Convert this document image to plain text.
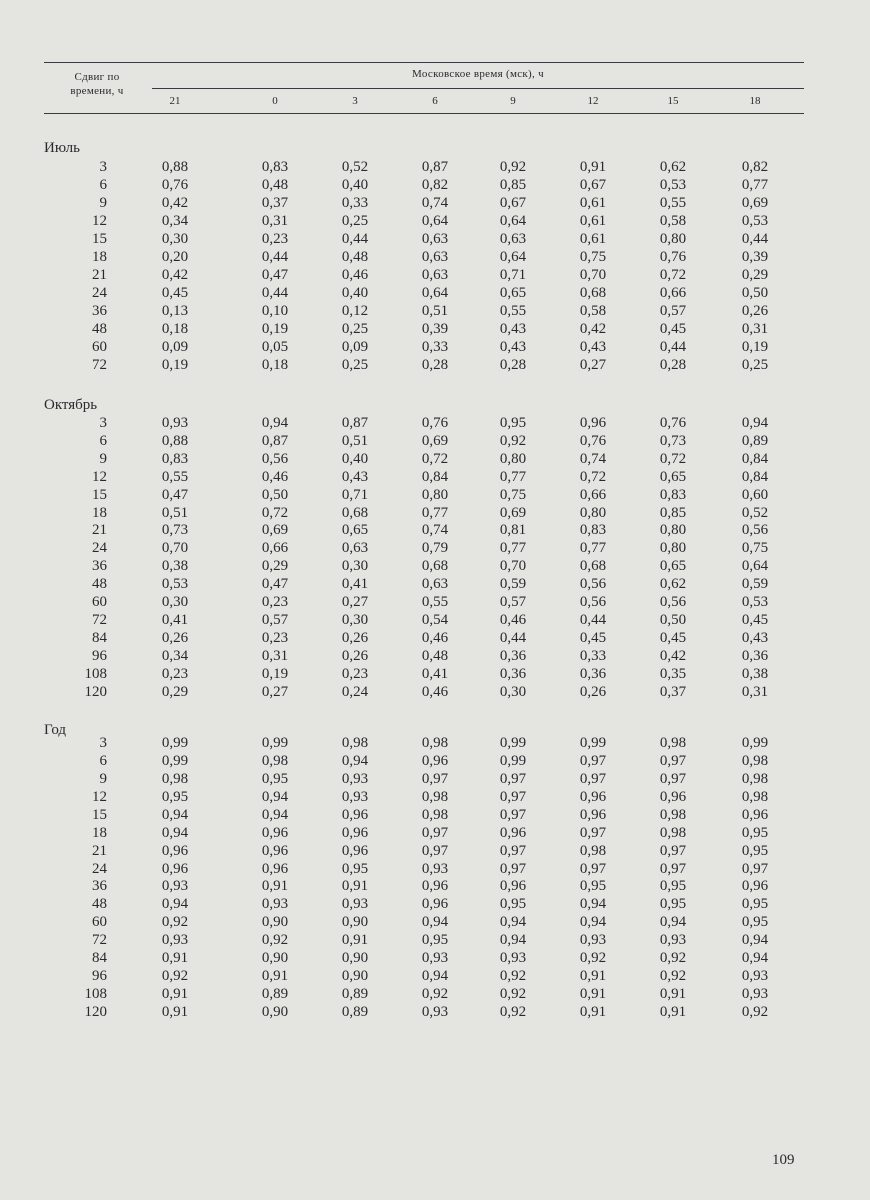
Сдвиг по
времени, ч
Московское время (мск), ч
21	0	3	6	9	12	15	18
Июль
3	0,88	0,83	0,52	0,87	0,92	0,91	0,62	0,82
6	0,76	0,48	0,40	0,82	0,85	0,67	0,53	0,77
9	0,42	0,37	0,33	0,74	0,67	0,61	0,55	0,69
12	0,34	0,31	0,25	0,64	0,64	0,61	0,58	0,53
15	0,30	0,23	0,44	0,63	0,63	0,61	0,80	0,44
18	0,20	0,44	0,48	0,63	0,64	0,75	0,76	0,39
21	0,42	0,47	0,46	0,63	0,71	0,70	0,72	0,29
24	0,45	0,44	0,40	0,64	0,65	0,68	0,66	0,50
36	0,13	0,10	0,12	0,51	0,55	0,58	0,57	0,26
48	0,18	0,19	0,25	0,39	0,43	0,42	0,45	0,31
60	0,09	0,05	0,09	0,33	0,43	0,43	0,44	0,19
72	0,19	0,18	0,25	0,28	0,28	0,27	0,28	0,25
Октябрь
3	0,93	0,94	0,87	0,76	0,95	0,96	0,76	0,94
6	0,88	0,87	0,51	0,69	0,92	0,76	0,73	0,89
9	0,83	0,56	0,40	0,72	0,80	0,74	0,72	0,84
12	0,55	0,46	0,43	0,84	0,77	0,72	0,65	0,84
15	0,47	0,50	0,71	0,80	0,75	0,66	0,83	0,60
18	0,51	0,72	0,68	0,77	0,69	0,80	0,85	0,52
21	0,73	0,69	0,65	0,74	0,81	0,83	0,80	0,56
24	0,70	0,66	0,63	0,79	0,77	0,77	0,80	0,75
36	0,38	0,29	0,30	0,68	0,70	0,68	0,65	0,64
48	0,53	0,47	0,41	0,63	0,59	0,56	0,62	0,59
60	0,30	0,23	0,27	0,55	0,57	0,56	0,56	0,53
72	0,41	0,57	0,30	0,54	0,46	0,44	0,50	0,45
84	0,26	0,23	0,26	0,46	0,44	0,45	0,45	0,43
96	0,34	0,31	0,26	0,48	0,36	0,33	0,42	0,36
108	0,23	0,19	0,23	0,41	0,36	0,36	0,35	0,38
120	0,29	0,27	0,24	0,46	0,30	0,26	0,37	0,31
Год
3	0,99	0,99	0,98	0,98	0,99	0,99	0,98	0,99
6	0,99	0,98	0,94	0,96	0,99	0,97	0,97	0,98
9	0,98	0,95	0,93	0,97	0,97	0,97	0,97	0,98
12	0,95	0,94	0,93	0,98	0,97	0,96	0,96	0,98
15	0,94	0,94	0,96	0,98	0,97	0,96	0,98	0,96
18	0,94	0,96	0,96	0,97	0,96	0,97	0,98	0,95
21	0,96	0,96	0,96	0,97	0,97	0,98	0,97	0,95
24	0,96	0,96	0,95	0,93	0,97	0,97	0,97	0,97
36	0,93	0,91	0,91	0,96	0,96	0,95	0,95	0,96
48	0,94	0,93	0,93	0,96	0,95	0,94	0,95	0,95
60	0,92	0,90	0,90	0,94	0,94	0,94	0,94	0,95
72	0,93	0,92	0,91	0,95	0,94	0,93	0,93	0,94
84	0,91	0,90	0,90	0,93	0,93	0,92	0,92	0,94
96	0,92	0,91	0,90	0,94	0,92	0,91	0,92	0,93
108	0,91	0,89	0,89	0,92	0,92	0,91	0,91	0,93
120	0,91	0,90	0,89	0,93	0,92	0,91	0,91	0,92
109
